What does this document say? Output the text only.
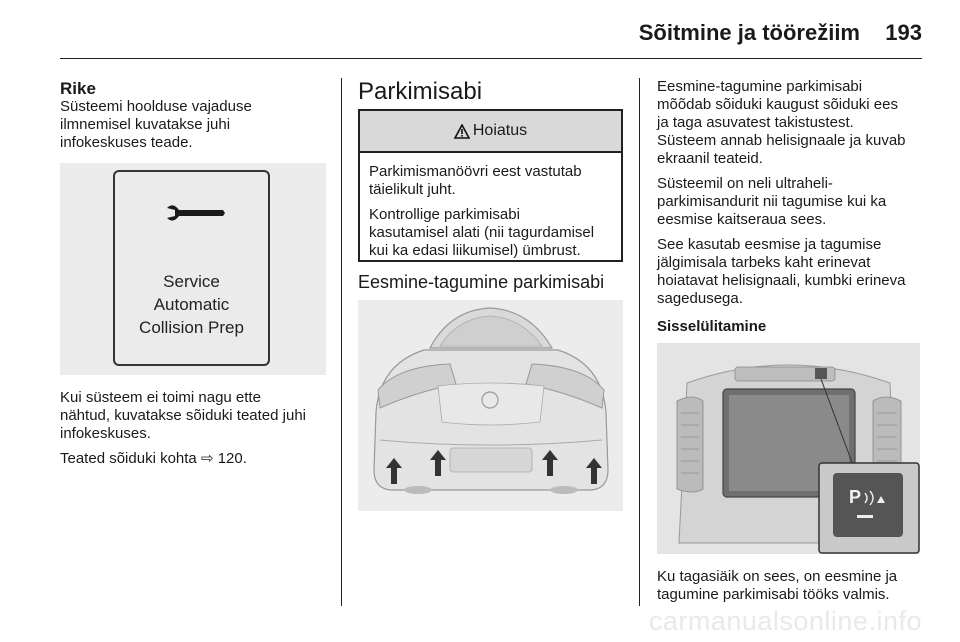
Sõitmine ja töörežiim 193
Rike
Süsteemi hoolduse vajaduse
ilmnemisel kuvatakse juhi
infokeskuses teade.
Service
Automatic
Collision Prep

Kui süsteem ei toimi nagu ette
nähtud, kuvatakse sõiduki teated juhi
infokeskuses.

Teated sõiduki kohta ⇨ 120.

Parkimisabi
Hoiatus

Parkimismanöövri eest vastutab
täielikult juht.

Kontrollige parkimisabi
kasutamisel alati (nii tagurdamisel
kui ka edasi liikumisel) ümbrust.

Eesmine-tagumine parkimisabi

Eesmine-tagumine parkimisabi
mõõdab sõiduki kaugust sõiduki ees
ja taga asuvatest takistustest.
Süsteem annab helisignaale ja kuvab
ekraanil teateid.

Süsteemil on neli ultraheli-
parkimisandurit nii tagumise kui ka
eesmise kaitseraua sees.

See kasutab eesmise ja tagumise
jälgimisala tarbeks kaht erinevat
hoiatavat helisignaali, kumbki erineva
sagedusega.

Sisselülitamine
P
Ku tagasiäik on sees, on eesmine ja
tagumine parkimisabi tööks valmis.
carmanualsonline.info
